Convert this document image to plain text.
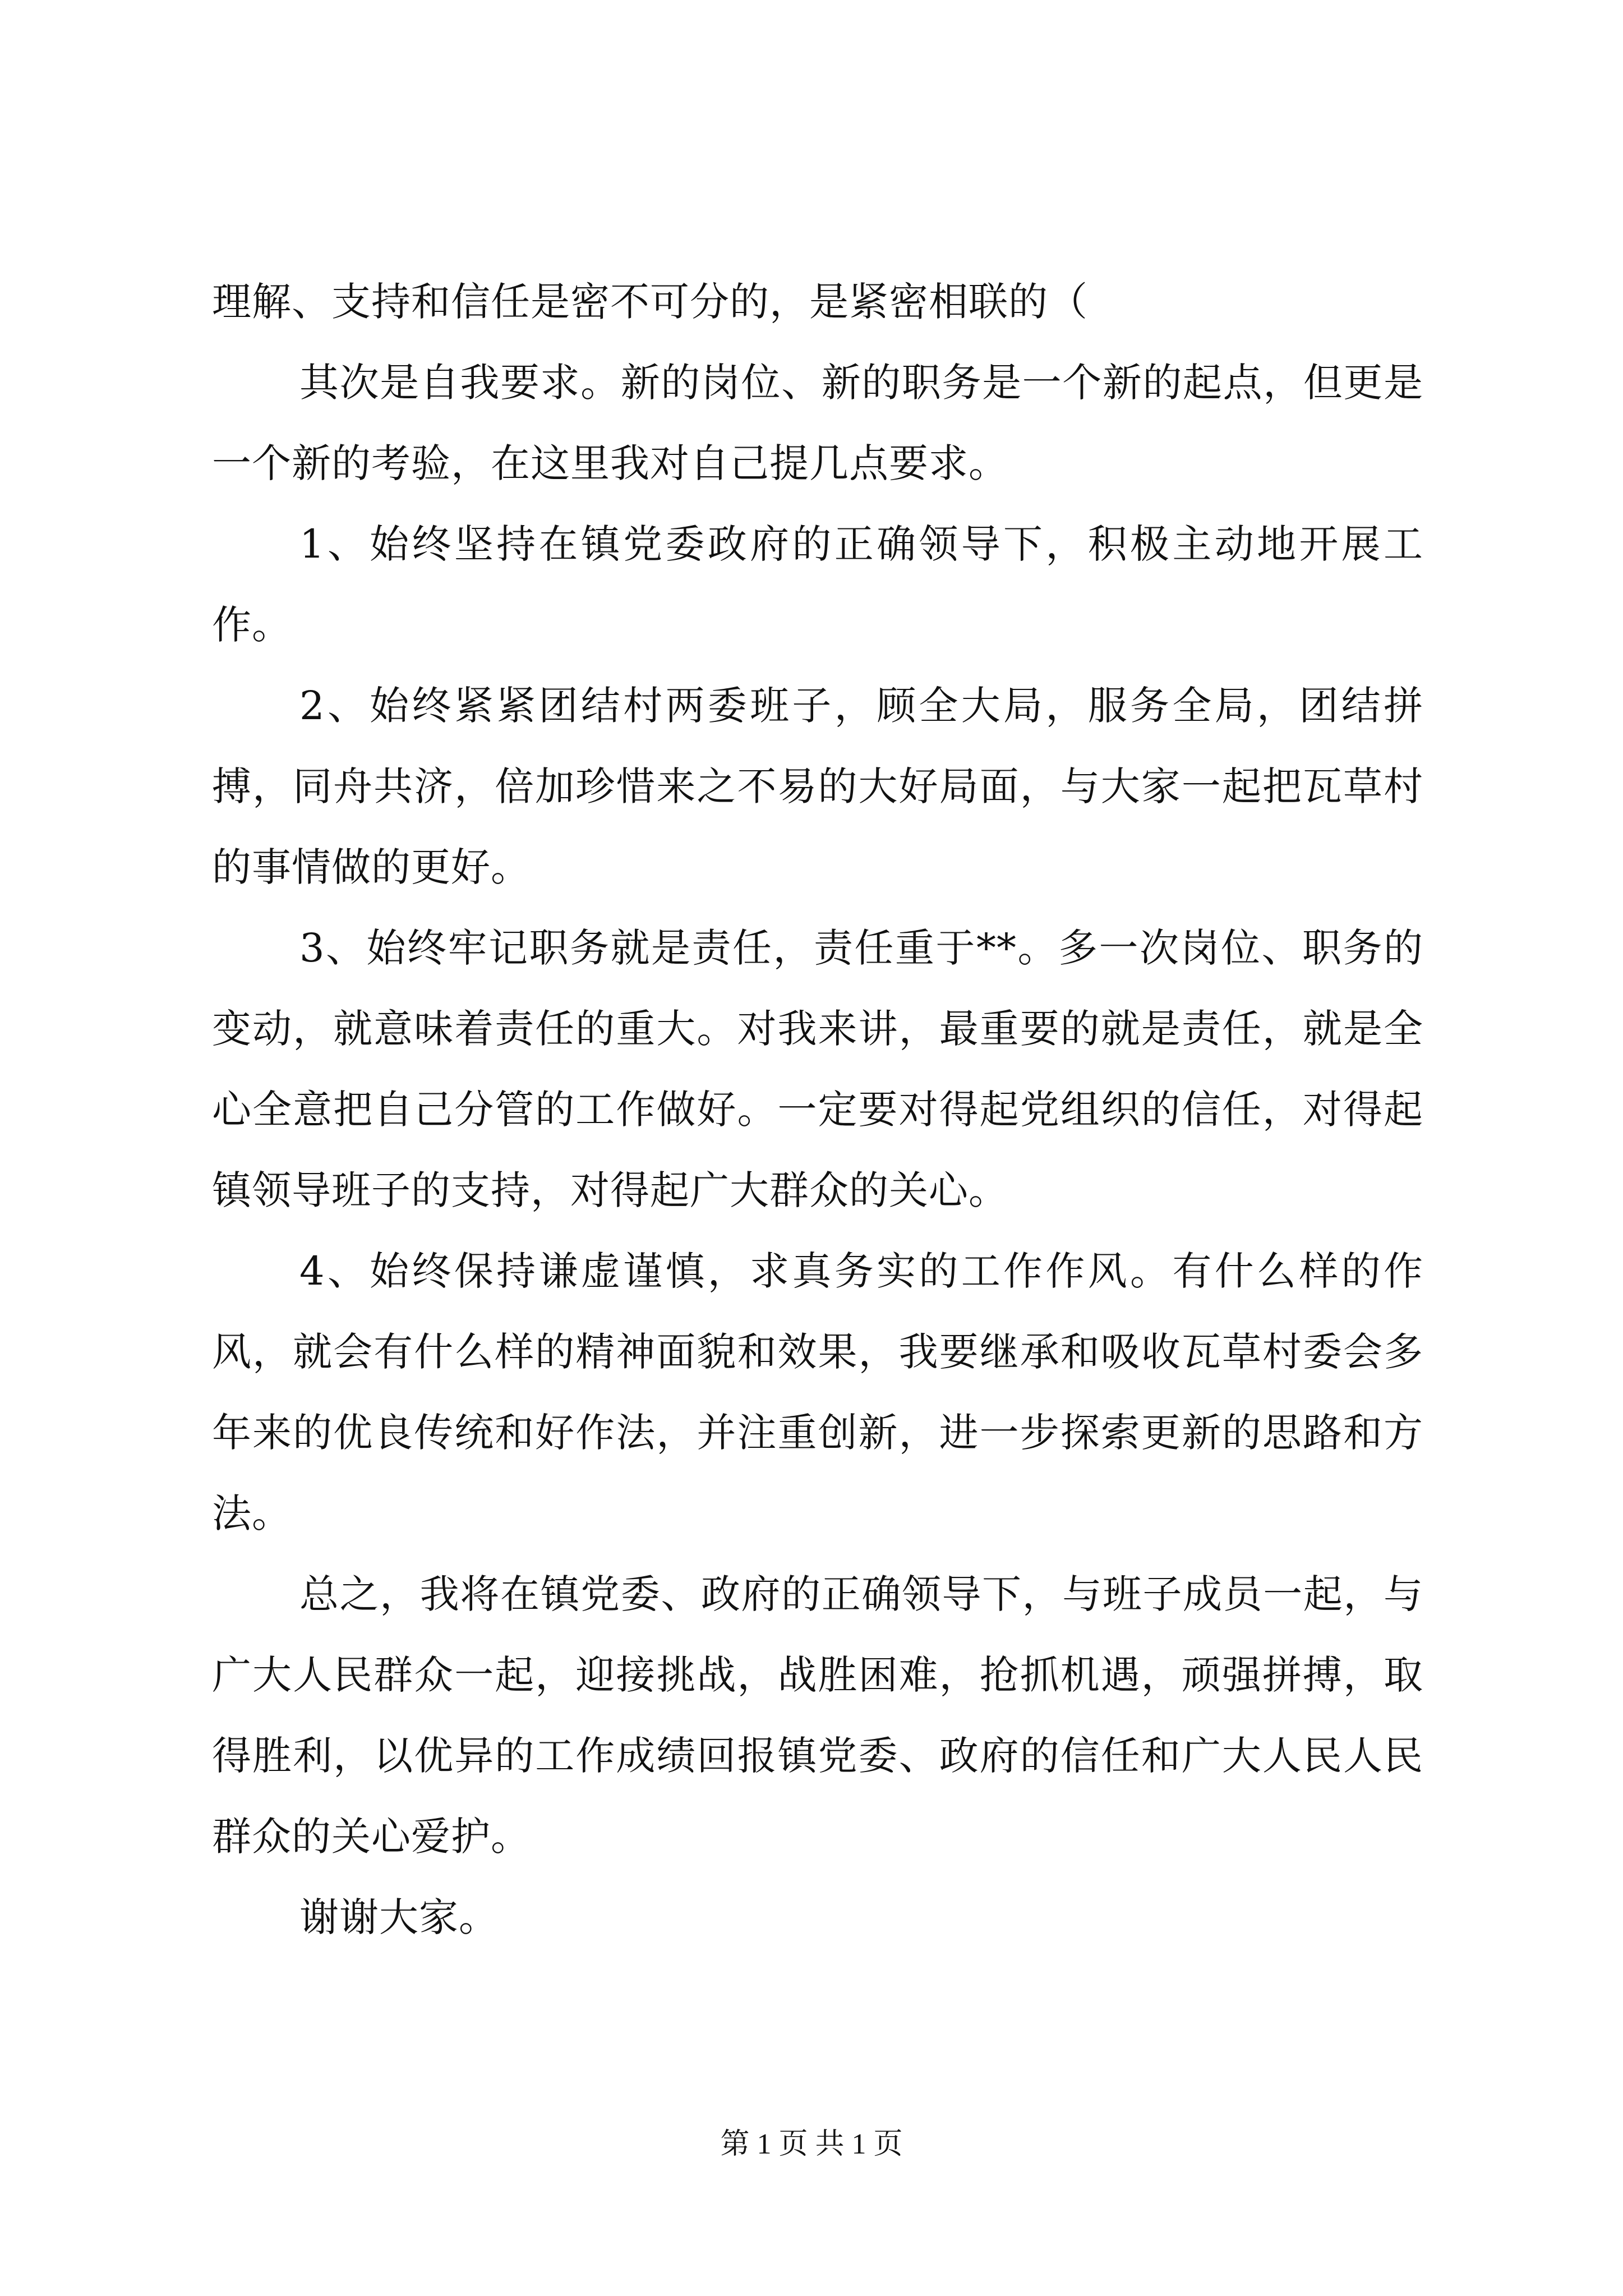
理解、支持和信任是密不可分的，是紧密相联的（

其次是自我要求。新的岗位、新的职务是一个新的起点，但更是一个新的考验，在这里我对自己提几点要求。

1、始终坚持在镇党委政府的正确领导下，积极主动地开展工作。

2、始终紧紧团结村两委班子，顾全大局，服务全局，团结拼搏，同舟共济，倍加珍惜来之不易的大好局面，与大家一起把瓦草村的事情做的更好。

3、始终牢记职务就是责任，责任重于**。多一次岗位、职务的变动，就意味着责任的重大。对我来讲，最重要的就是责任，就是全心全意把自己分管的工作做好。一定要对得起党组织的信任，对得起镇领导班子的支持，对得起广大群众的关心。

4、始终保持谦虚谨慎，求真务实的工作作风。有什么样的作风，就会有什么样的精神面貌和效果，我要继承和吸收瓦草村委会多年来的优良传统和好作法，并注重创新，进一步探索更新的思路和方法。

总之，我将在镇党委、政府的正确领导下，与班子成员一起，与广大人民群众一起，迎接挑战，战胜困难，抢抓机遇，顽强拼搏，取得胜利，以优异的工作成绩回报镇党委、政府的信任和广大人民人民群众的关心爱护。

谢谢大家。

第 1 页 共 1 页
